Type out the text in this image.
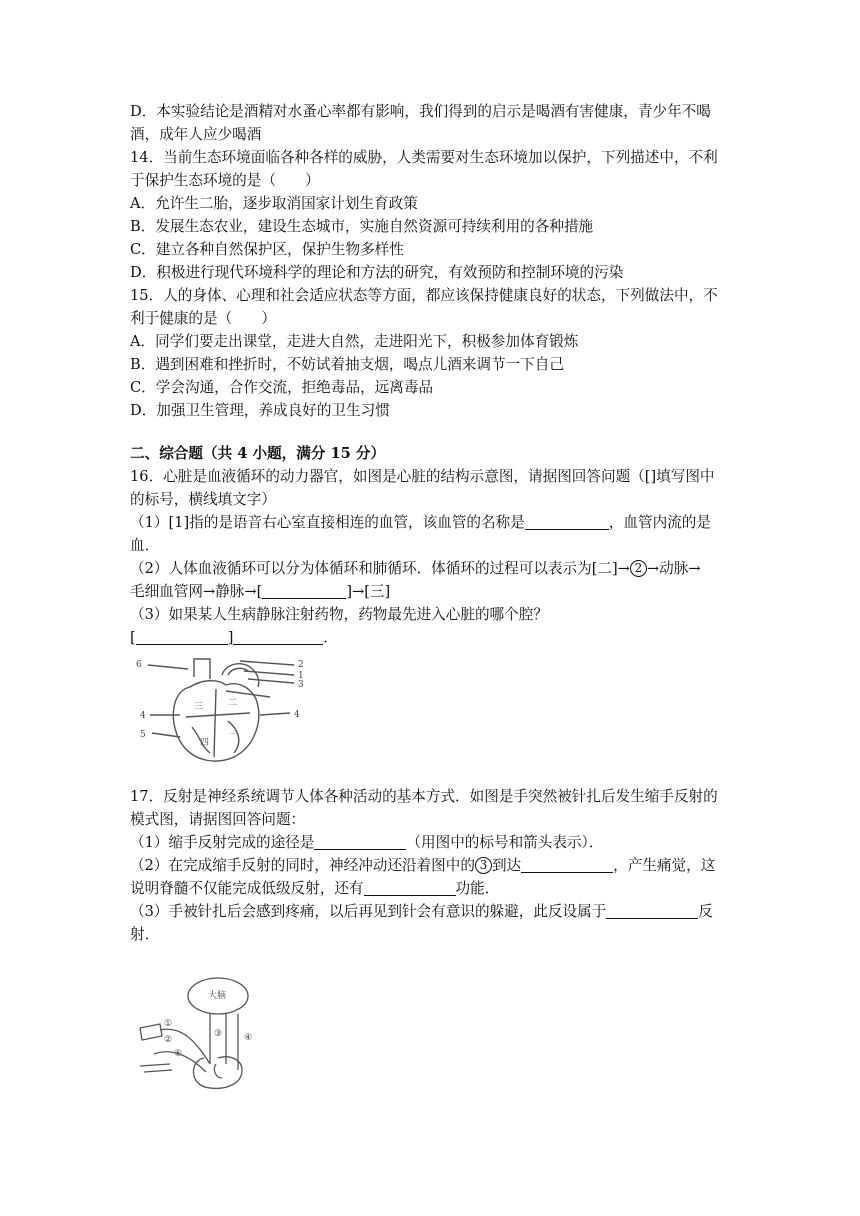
D．本实验结论是酒精对水蚤心率都有影响，我们得到的启示是喝酒有害健康，青少年不喝
酒，成年人应少喝酒

14．当前生态环境面临各种各样的威胁，人类需要对生态环境加以保护，下列描述中，不利
于保护生态环境的是（　　）

A．允许生二胎，逐步取消国家计划生育政策

B．发展生态农业，建设生态城市，实施自然资源可持续利用的各种措施

C．建立各种自然保护区，保护生物多样性

D．积极进行现代环境科学的理论和方法的研究，有效预防和控制环境的污染

15．人的身体、心理和社会适应状态等方面，都应该保持健康良好的状态，下列做法中，不
利于健康的是（　　）

A．同学们要走出课堂，走进大自然，走进阳光下，积极参加体育锻炼

B．遇到困难和挫折时，不妨试着抽支烟，喝点儿酒来调节一下自己

C．学会沟通，合作交流，拒绝毒品，远离毒品

D．加强卫生管理，养成良好的卫生习惯

二、综合题（共 4 小题，满分 15 分）

16．心脏是血液循环的动力器官，如图是心脏的结构示意图，请据图回答问题（[]填写图中
的标号，横线填文字）

（1）[1]指的是语音右心室直接相连的血管，该血管的名称是	，血管内流的是
血．

（2）人体血液循环可以分为体循环和肺循环．体循环的过程可以表示为[二]→ 2 →动脉→
毛细血管网→静脉→[	]→[三]

（3）如果某人生病静脉注射药物，药物最先进入心脏的哪个腔？
[	]	．

6	2
1
3
4	4
5
三	二
四
一

17．反射是神经系统调节人体各种活动的基本方式．如图是手突然被针扎后发生缩手反射的
模式图，请据图回答问题：

（1）缩手反射完成的途径是	（用图中的标号和箭头表示）．

（2）在完成缩手反射的同时，神经冲动还沿着图中的 3 到达	，产生痛觉，这
说明脊髓不仅能完成低级反射，还有	功能．

（3）手被针扎后会感到疼痛，以后再见到针会有意识的躲避，此反设属于	反
射．

大脑
①
②
③ ④
⑤
